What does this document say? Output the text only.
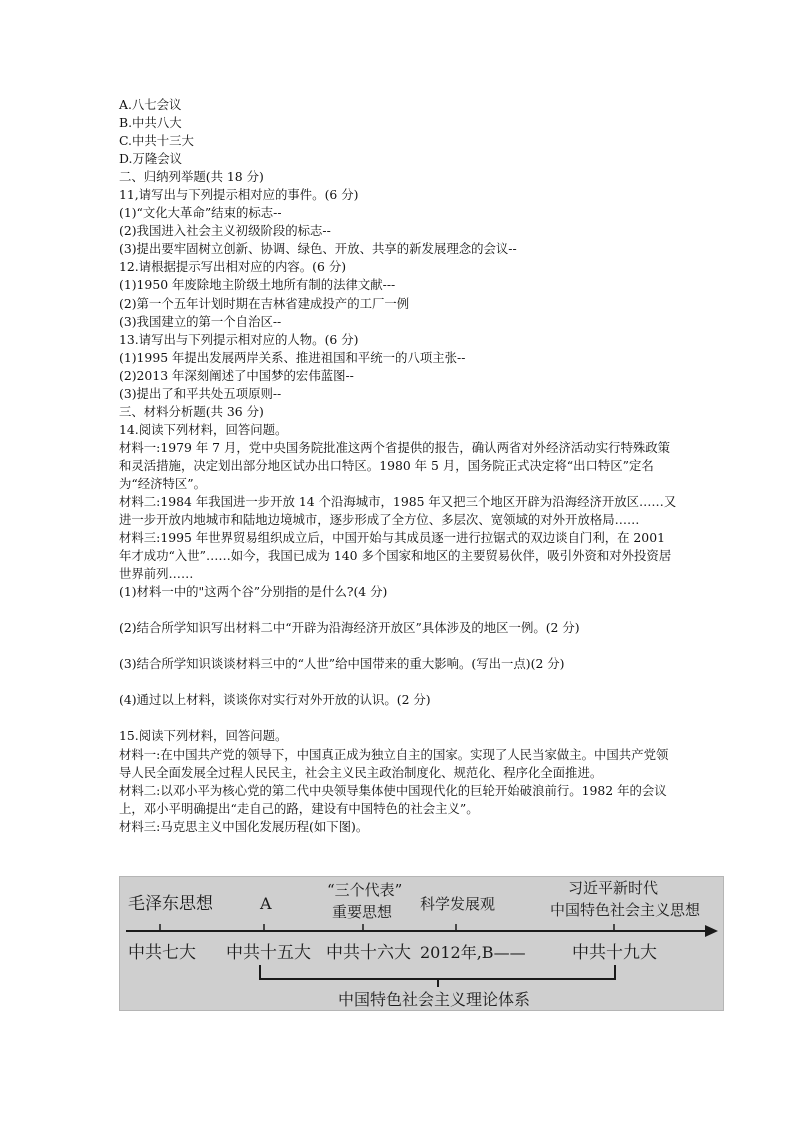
A.八七会议
B.中共八大
C.中共十三大
D.万隆会议
二、归纳列举题(共 18 分)
11,请写出与下列提示相对应的事件。(6 分)
(1)“文化大革命”结束的标志--
(2)我国进入社会主义初级阶段的标志--
(3)提出要牢固树立创新、协调、绿色、开放、共享的新发展理念的会议--
12.请根据提示写出相对应的内容。(6 分)
(1)1950 年废除地主阶级土地所有制的法律文献---
(2)第一个五年计划时期在吉林省建成投产的工厂一例
(3)我国建立的第一个自治区--
13.请写出与下列提示相对应的人物。(6 分)
(1)1995 年提出发展两岸关系、推进祖国和平统一的八项主张--
(2)2013 年深刻阐述了中国梦的宏伟蓝图--
(3)提出了和平共处五项原则--
三、材料分析题(共 36 分)
14.阅读下列材料，回答问题。
材料一:1979 年 7 月，党中央国务院批准这两个省提供的报告，确认两省对外经济活动实行特殊政策和灵活措施，决定划出部分地区试办出口特区。1980 年 5 月，国务院正式决定将“出口特区”定名为“经济特区”。
材料二:1984 年我国进一步开放 14 个沿海城市，1985 年又把三个地区开辟为沿海经济开放区……又进一步开放内地城市和陆地边境城市，逐步形成了全方位、多层次、宽领域的对外开放格局……
材料三:1995 年世界贸易组织成立后，中国开始与其成员逐一进行拉锯式的双边谈自门利，在 2001 年才成功“入世”……如今，我国已成为 140 多个国家和地区的主要贸易伙伴，吸引外资和对外投资居世界前列……
(1)材料一中的"这两个谷”分别指的是什么?(4 分)
(2)结合所学知识写出材料二中“开辟为沿海经济开放区”具体涉及的地区一例。(2 分)
(3)结合所学知识谈谈材料三中的“人世”给中国带来的重大影响。(写出一点)(2 分)
(4)通过以上材料，谈谈你对实行对外开放的认识。(2 分)
15.阅读下列材料，回答问题。
材料一:在中国共产党的领导下，中国真正成为独立自主的国家。实现了人民当家做主。中国共产党领导人民全面发展全过程人民民主，社会主义民主政治制度化、规范化、程序化全面推进。
材料二:以邓小平为核心党的第二代中央领导集体使中国现代化的巨轮开始破浪前行。1982 年的会议上，邓小平明确提出“走自己的路，建设有中国特色的社会主义”。
材料三:马克思主义中国化发展历程(如下图)。
毛泽东思想	A
“三个代表”
重要思想 科学发展观
习近平新时代
中国特色社会主义思想
中共七大 中共十五大 中共十六大 2012年,B——	中共十九大
中国特色社会主义理论体系
